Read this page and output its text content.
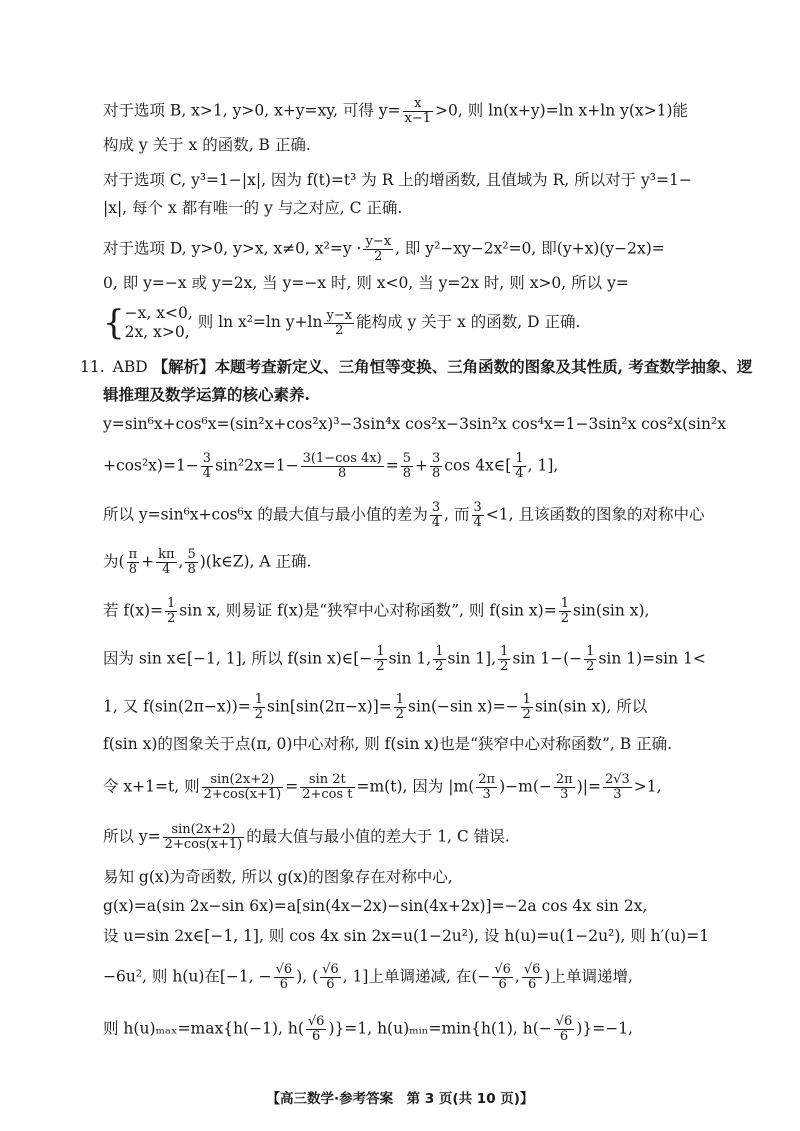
对于选项 B, x>1, y>0, x+y=xy, 可得 $y= \frac{x}{x-1} >0$, 则 ln(x+y)=ln x+ln y(x>1)能
构成 y 关于 x 的函数, B 正确.
对于选项 C, y³=1−|x|, 因为 f(t)=t³ 为 R 上的增函数, 且值域为 R, 所以对于 y³=1−
|x|, 每个 x 都有唯一的 y 与之对应, C 正确.
对于选项 D, y>0, y>x, x≠0, $x^2=y \cdot \frac{y-x}{2}$ , 即 y²−xy−2x²=0, 即(y+x)(y−2x)=
0, 即 y=−x 或 y=2x, 当 y=−x 时, 则 x<0, 当 y=2x 时, 则 x>0, 所以 y=
{ −x, x<0,
2x, x>0,
则 ln x²=ln $y+\ln \frac{y-x}{2}$ 能构成 y 关于 x 的函数, D 正确.
11. ABD 【解析】本题考查新定义、三角恒等变换、三角函数的图象及其性质, 考查数学抽象、逻
辑推理及数学运算的核心素养.
y=sin⁶x+cos⁶x=(sin²x+cos²x)³−3sin⁴x cos²x−3sin²x cos⁴x=1−3sin²x cos²x(sin²x
$+\cos^2x)=1- \frac{3}{4} \sin^22x=1- \frac{3(1-\cos 4x)}{8} = \frac{5}{8} + \frac{3}{8}$ cos 4x∈[ $\frac{1}{4}$ , 1],
所以 y=sin⁶x+cos⁶x 的最大值与最小值的差为 $\frac{3}{4}$ , 而 $\frac{3}{4} <1$, 且该函数的图象的对称中心
为( $\frac{\pi}{8} + \frac{k\pi}{4}$ , $\frac{5}{8}$ )(k∈Z), A 正确.
若 $f(x)= \frac{1}{2}$ sin x, 则易证 f(x)是“狭窄中心对称函数”, 则 f(sin $x)= \frac{1}{2} \sin(\sin$ x),
因为 sin x∈[−1, 1], 所以 f(sin x)∈[− $\frac{1}{2}$ sin 1, $\frac{1}{2}$ sin 1], $\frac{1}{2}$ $\sin 1-(- \frac{1}{2}$ sin 1)=sin 1<
1, 又 $f(\sin(2\pi-x))= \frac{1}{2} \sin[\sin(2\pi-x)]= \frac{1}{2} \sin(-\sin$ $x)=- \frac{1}{2} \sin(\sin$ x), 所以
f(sin x)的图象关于点(π, 0)中心对称, 则 f(sin x)也是“狭窄中心对称函数”, B 正确.
令 x+1=t, 则 $\frac{\sin(2x+2)}{2+\cos(x+1)} = \frac{\sin 2t}{\text{2+cos t}} =m(t)$, 因为 $|m( \frac{2\pi}{3} )-m(- \frac{2\pi}{3}$ )|= $\frac{2√3}{3} >1$,
所以 $y= \frac{\sin(2x+2)}{2+\cos(x+1)}$ 的最大值与最小值的差大于 1, C 错误.
易知 g(x)为奇函数, 所以 g(x)的图象存在对称中心,
g(x)=a(sin 2x−sin 6x)=a[sin(4x−2x)−sin(4x+2x)]=−2a cos 4x sin 2x,
设 u=sin 2x∈[−1, 1], 则 cos 4x sin 2x=u(1−2u²), 设 h(u)=u(1−2u²), 则 h′(u)=1
−6u², 则 h(u)在[−1, − $\frac{√6}{6}$ ), ( $\frac{√6}{6}$ , 1]上单调递减, 在(− $\frac{√6}{6}$ , $\frac{√6}{6}$ )上单调递增,
则 h(u)ₘₐₓ=max{h(−1), $h( \frac{√6}{6} )\}=1$, h(u)ₘᵢₙ=min{h(1), $h(- \frac{√6}{6} )\}=-1$,
【高三数学·参考答案　第 3 页(共 10 页)】
